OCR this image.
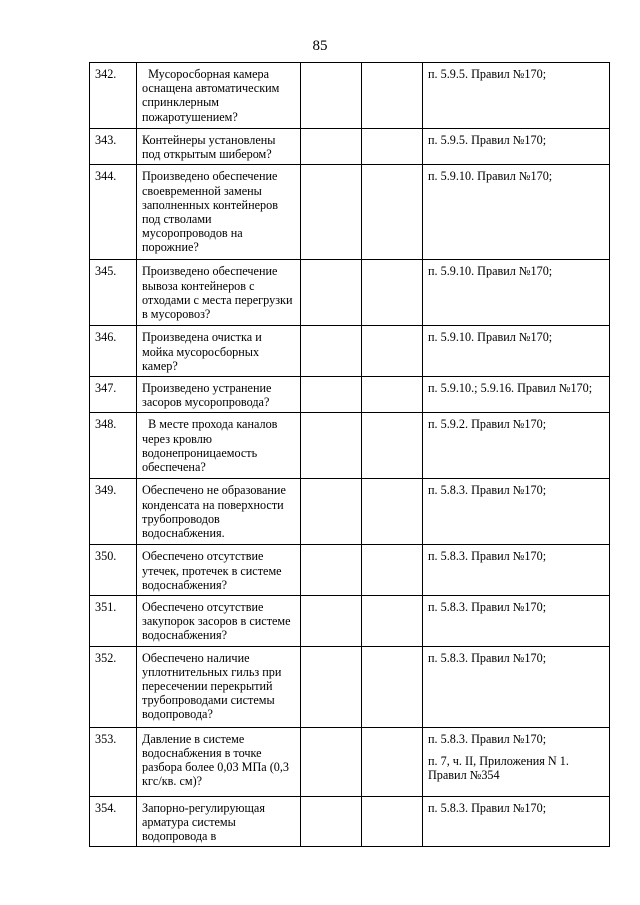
85
342.	Мусоросборная камера оснащена автоматическим спринклерным пожаротушением?			п. 5.9.5. Правил №170;

343.	Контейнеры установлены под открытым шибером?			п. 5.9.5. Правил №170;

344.	Произведено обеспечение своевременной замены заполненных контейнеров под стволами мусоропроводов на порожние?			п. 5.9.10. Правил №170;

345.	Произведено обеспечение вывоза контейнеров с отходами с места перегрузки в мусоровоз?			п. 5.9.10. Правил №170;

346.	Произведена очистка и мойка мусоросборных камер?			п. 5.9.10. Правил №170;

347.	Произведено устранение засоров мусоропровода?			п. 5.9.10.; 5.9.16. Правил №170;

348.	В месте прохода каналов через кровлю водонепроницаемость обеспечена?			п. 5.9.2. Правил №170;

349.	Обеспечено не образование конденсата на поверхности трубопроводов водоснабжения.			п. 5.8.3. Правил №170;

350.	Обеспечено отсутствие утечек, протечек в системе водоснабжения?			п. 5.8.3. Правил №170;

351.	Обеспечено отсутствие закупорок засоров в системе водоснабжения?			п. 5.8.3. Правил №170;

352.	Обеспечено наличие уплотнительных гильз при пересечении перекрытий трубопроводами системы водопровода?			п. 5.8.3. Правил №170;

353.	Давление в системе водоснабжения в точке разбора более 0,03 МПа (0,3 кгс/кв. см)?			п. 5.8.3. Правил №170;
п. 7, ч. II, Приложения N 1. Правил №354

354.	Запорно-регулирующая арматура системы водопровода в			п. 5.8.3. Правил №170;
